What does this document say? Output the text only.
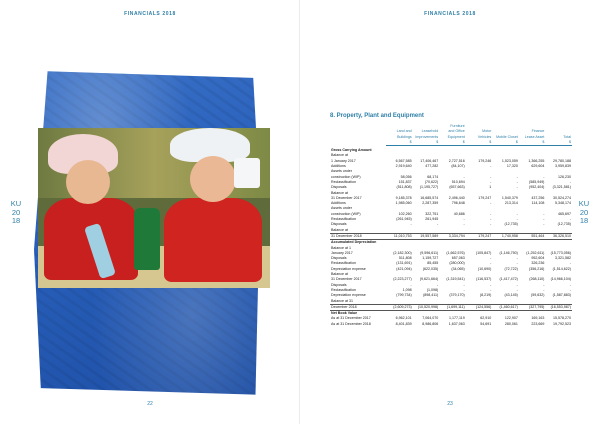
FINANCIALS 2018
KU
20
18
22
FINANCIALS 2018
KU
20
18
23
8. Property, Plant and Equipment
			Furniture				
	Land and	Leasehold	and Office	Motor		Finance	
	Buildings	Improvements	Equipment	Vehicles	Mobile Closet	Lease Asset	Total
	$	$	$	$	$	$	$

Gross Carrying Amount							
Balance at							
1 January 2017	6,567,585	17,406,467	2,727,516	179,246	1,523,059	1,366,255	29,780,188
Additions	2,919,640	477,282	(84,107)	-	17,320	629,604	3,959,839
Assets under							
construction (WIP)	58,056	68,174	-	-	-	-	126,230
Reclassification	151,837	(70,622)	510,694	-	-	(585,949)	-
Disposals	(511,808)	(1,195,727)	(657,663)	1	-	(952,404)	(3,321,581)
Balance at							
31 December 2017	9,185,378	16,685,574	2,496,440	179,247	1,540,379	437,256	30,524,274
Additions	1,985,060	2,287,359	796,648	-	213,314	114,108	5,348,174
Assets under							
construction (WIP)	102,260	322,751	40,686	-	-	-	465,697
Reclassification	(261,945)	261,945	-	-	-	-	-
Disposals	-	-	-	-	(12,735)	-	(12,735)
Balance at							
31 December 2018	11,010,753	19,557,589	3,334,794	179,247	1,740,958	551,464	36,326,510
Accumulated Depreciation							
Balance at 1							
January 2017	(2,182,300)	(9,596,611)	(1,662,576)	(105,847)	(1,146,750)	(1,252,611)	(15,773,056)
Disposals	511,808	1,159,727	657,063	-	-	952,604	3,321,582
Reclassification	(131,691)	85,455	(280,000)	-	-	326,236	-
Depreciation expense	(421,094)	(622,035)	(34,065)	(10,690)	(72,722)	(356,216)	(1,514,622)
Balance at							
31 December 2017	(2,223,277)	(9,621,664)	(1,319,541)	(116,537)	(1,417,472)	(268,110)	(14,966,104)
Disposals	-	-	-	-	-	-	-
Reclassification	1,098	(1,098)	-	-	-	-	-
Depreciation expense	(799,734)	(898,411)	(379,170)	(8,219)	(43,145)	(59,632)	(1,587,883)
Balance at 31							
December 2018	(2,609,273)	(10,520,998)	(1,699,111)	(124,556)	(1,460,617)	(327,795)	(16,553,987)
Net Book Value							
As at 31 December 2017	6,962,101	7,064,070	1,177,119	62,910	122,907	169,163	15,578,270
As at 31 December 2018	8,401,839	8,986,806	1,637,063	54,691	280,061	223,669	19,792,523
